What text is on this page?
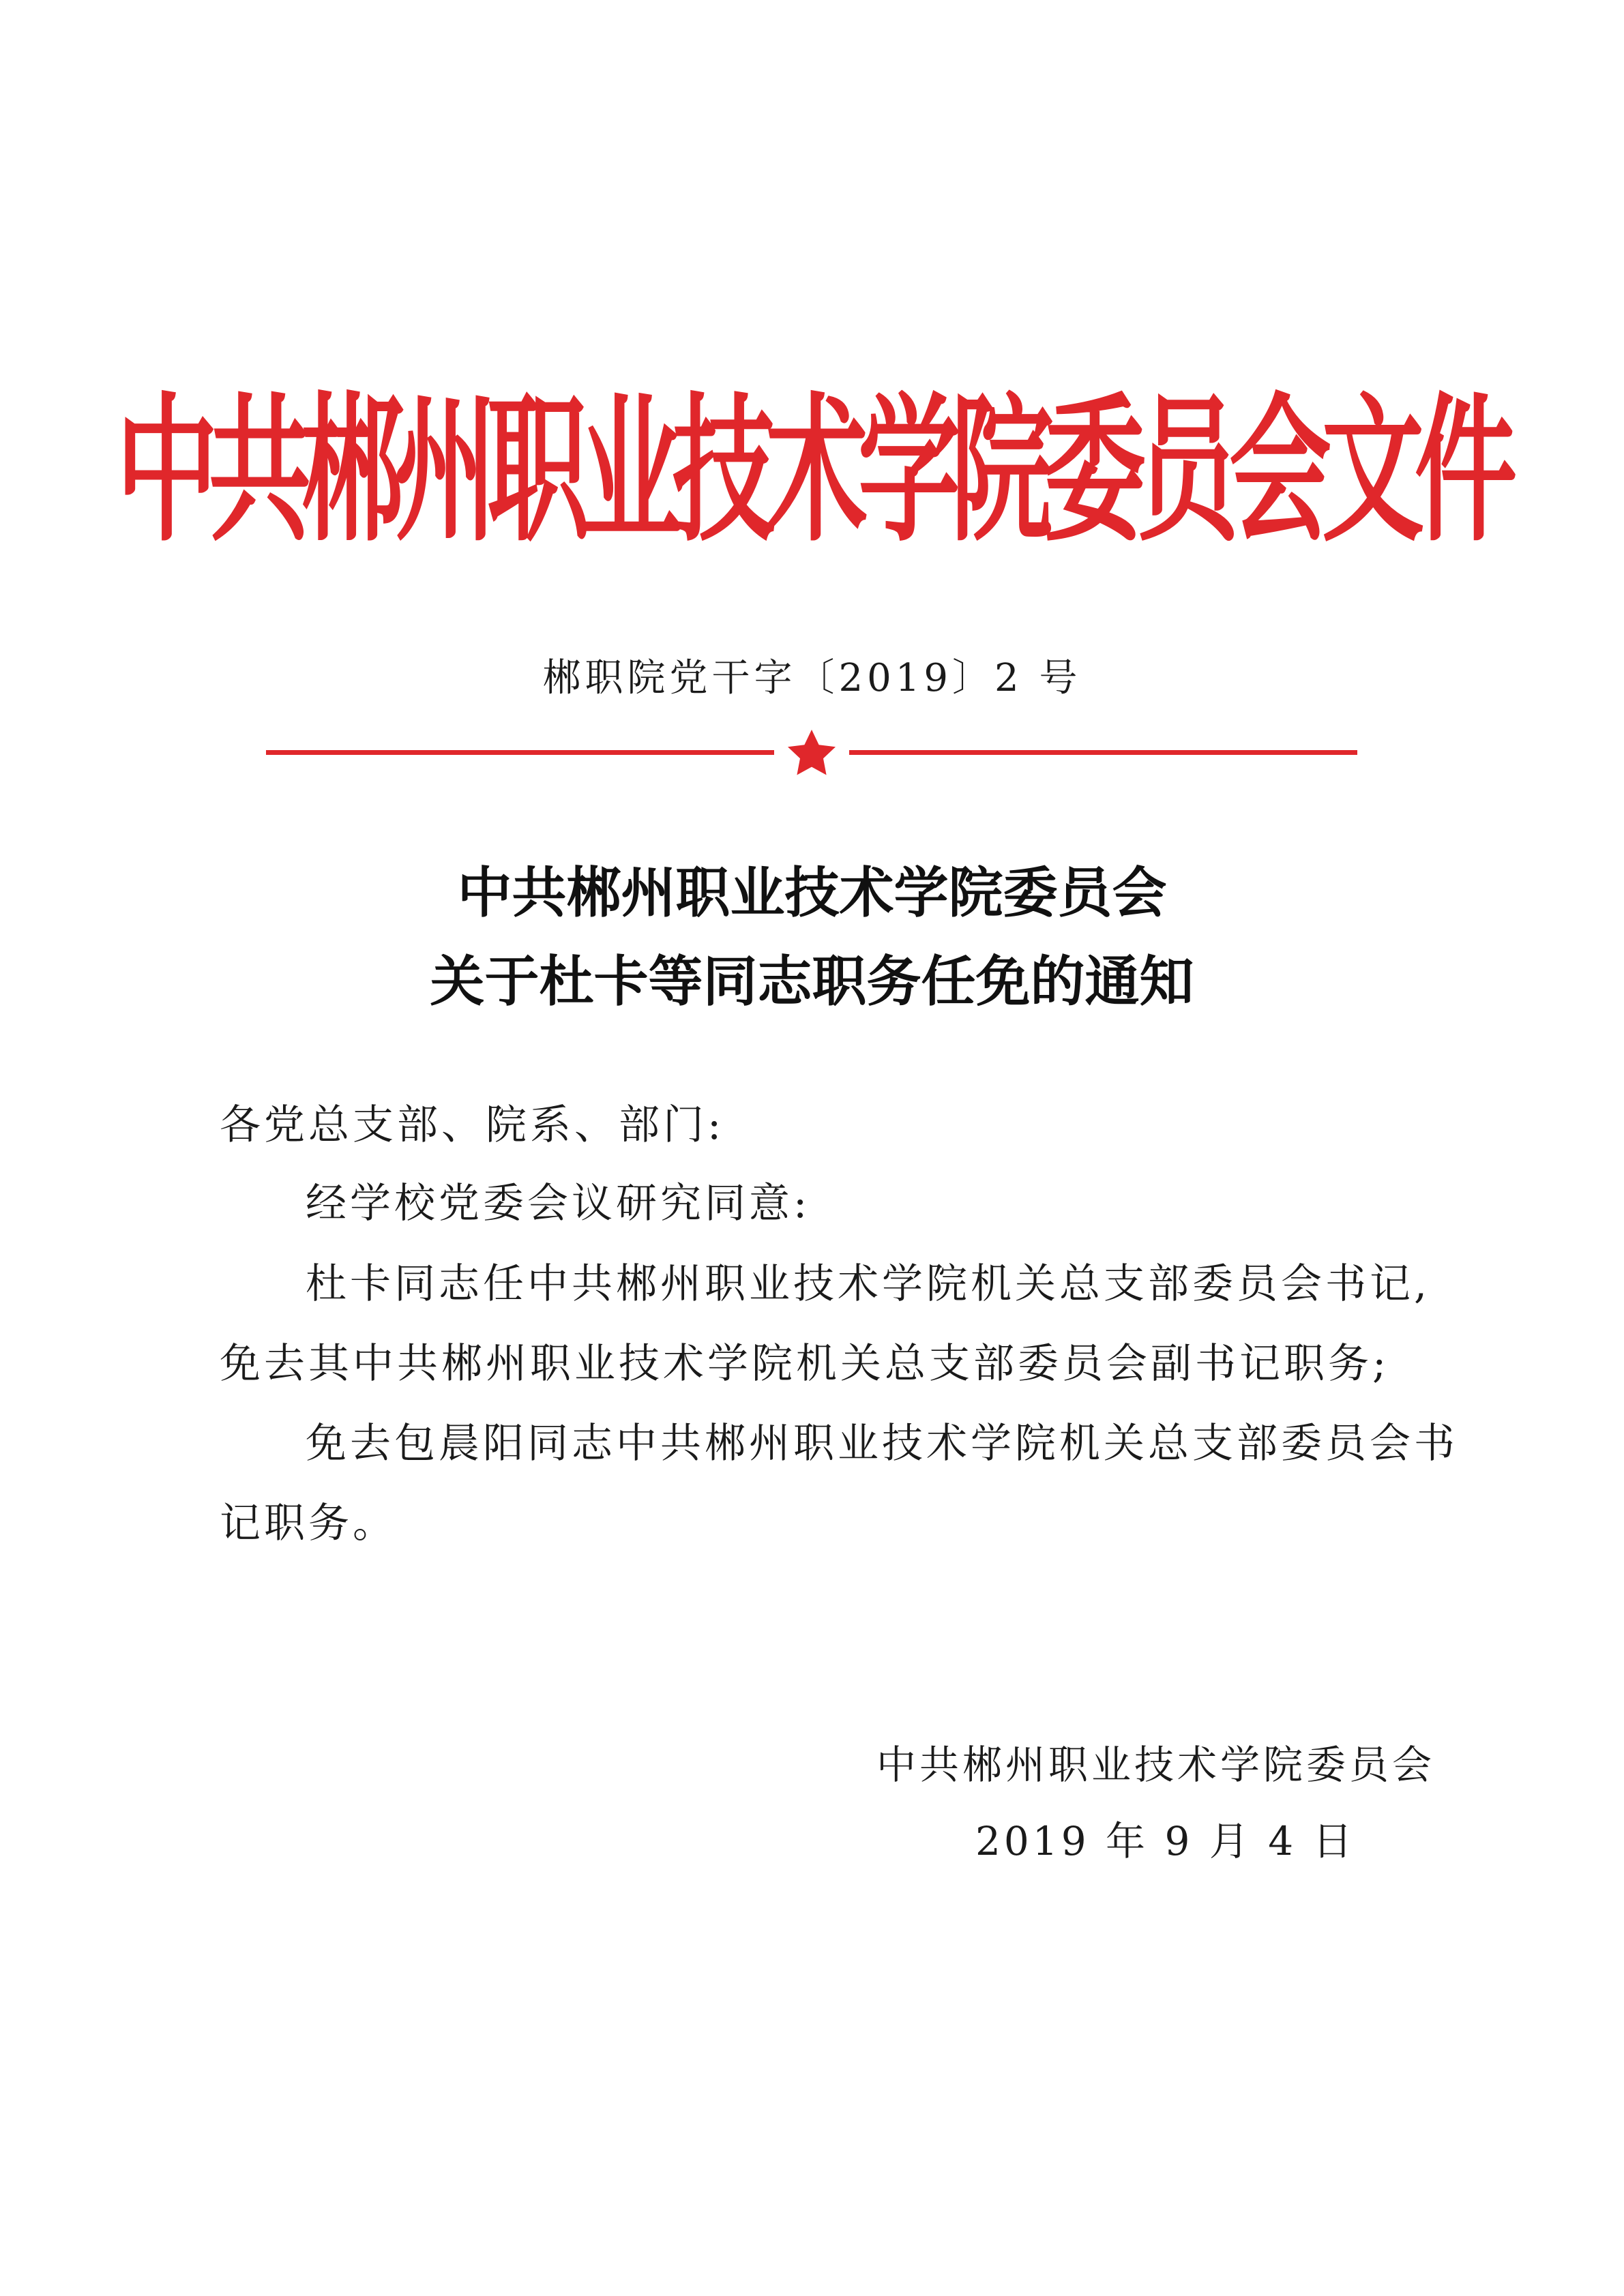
中共郴州职业技术学院委员会文件
郴职院党干字〔2019〕2 号
中共郴州职业技术学院委员会
关于杜卡等同志职务任免的通知
各党总支部、院系、部门:
经学校党委会议研究同意:
杜卡同志任中共郴州职业技术学院机关总支部委员会书记,
免去其中共郴州职业技术学院机关总支部委员会副书记职务;
免去包晨阳同志中共郴州职业技术学院机关总支部委员会书
记职务。
中共郴州职业技术学院委员会
2019 年 9 月 4 日
